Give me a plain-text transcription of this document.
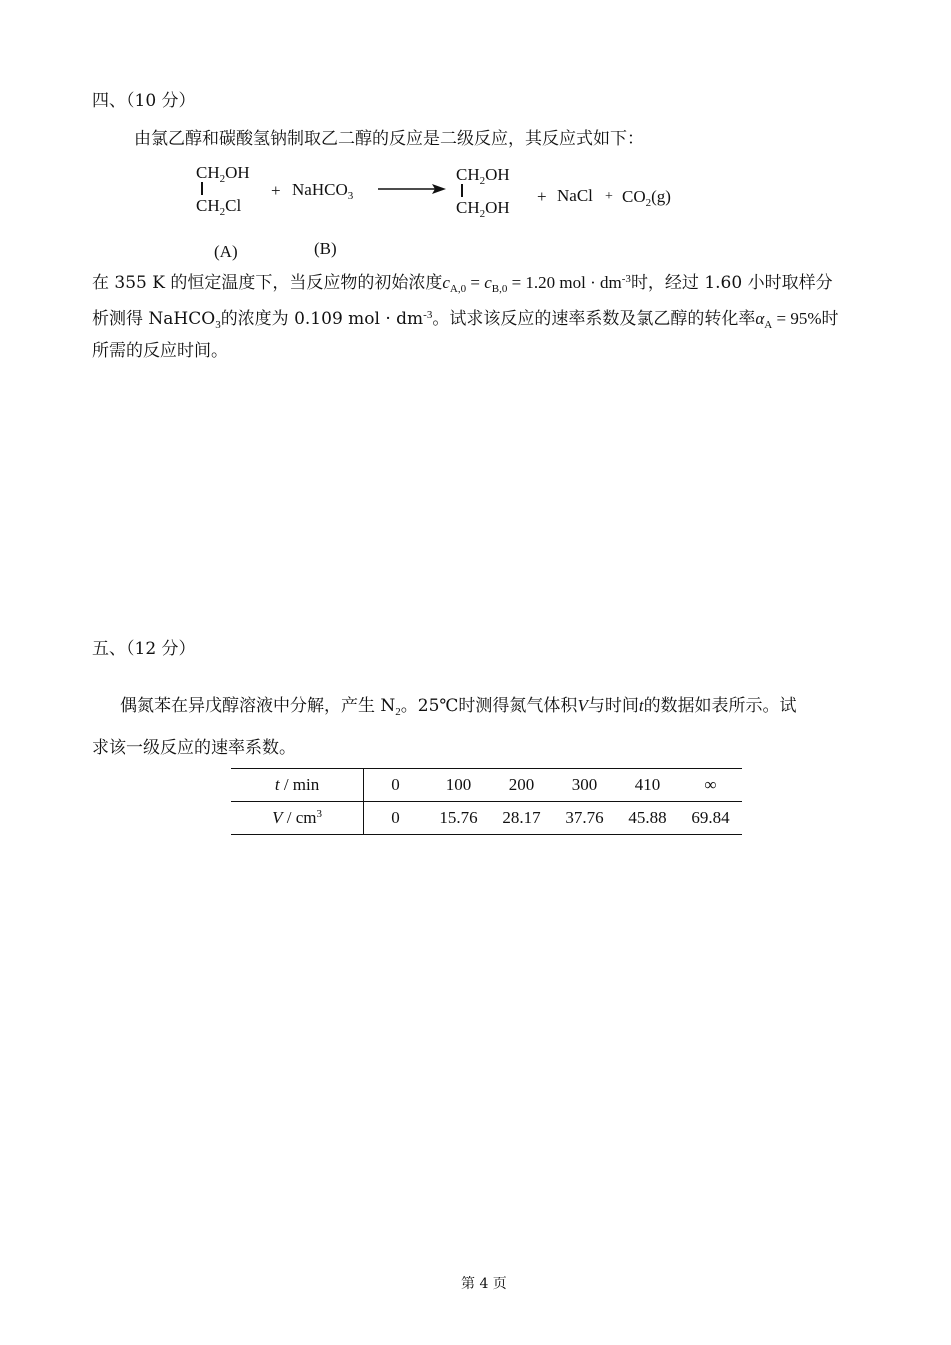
四、（10 分）
由氯乙醇和碳酸氢钠制取乙二醇的反应是二级反应，其反应式如下：
$CH_2OH$
$CH_2Cl$
+ NaHCO$_3$
$CH_2OH$
$CH_2OH$
+ NaCl + $CO_2(g)$
(A)	(B)
在 355 K 的恒定温度下，当反应物的初始浓度$c_{A,0} = c_{B,0} = 1.20$ mol · $dm^{-3}$时，经过 1.60 小时取样分
析测得 NaHCO$_3$的浓度为 0.109 mol · $dm^{-3}$。试求该反应的速率系数及氯乙醇的转化率$\alpha_A = 95\%$时
所需的反应时间。
五、（12 分）
偶氮苯在异戊醇溶液中分解，产生 $N_2$。25℃时测得氮气体积V与时间t的数据如表所示。试
求该一级反应的速率系数。
t / min	0	100	200	300	410	∞
V / $cm^3$	0	15.76	28.17	37.76	45.88	69.84
第 4 页
